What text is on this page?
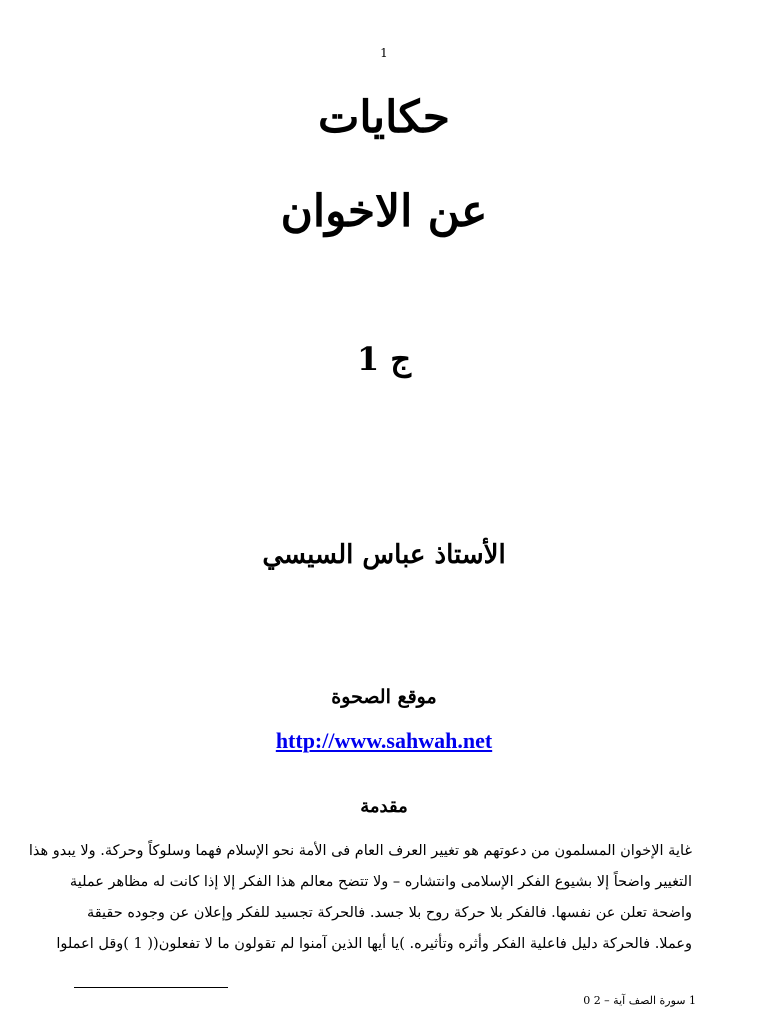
1
حكايات
عن الاخوان
ج 1
الأستاذ عباس السيسي
موقع الصحوة
http://www.sahwah.net
مقدمة
غاية الإخوان المسلمون من دعوتهم هو تغيير العرف العام فى الأمة نحو الإسلام فهما وسلوكاً وحركة. ولا يبدو هذا
التغيير واضحاً إلا بشيوع الفكر الإسلامى وانتشاره – ولا تتضح معالم هذا الفكر إلا إذا كانت له مظاهر عملية
واضحة تعلن عن نفسها. فالفكر بلا حركة روح بلا جسد. فالحركة تجسيد للفكر وإعلان عن وجوده حقيقة
وعملا. فالحركة دليل فاعلية الفكر وأثره وتأثيره. )يا أيها الذين آمنوا لم تقولون ما لا تفعلون(( 1 )وقل اعملوا
1 سورة الصف آية – 2 0
